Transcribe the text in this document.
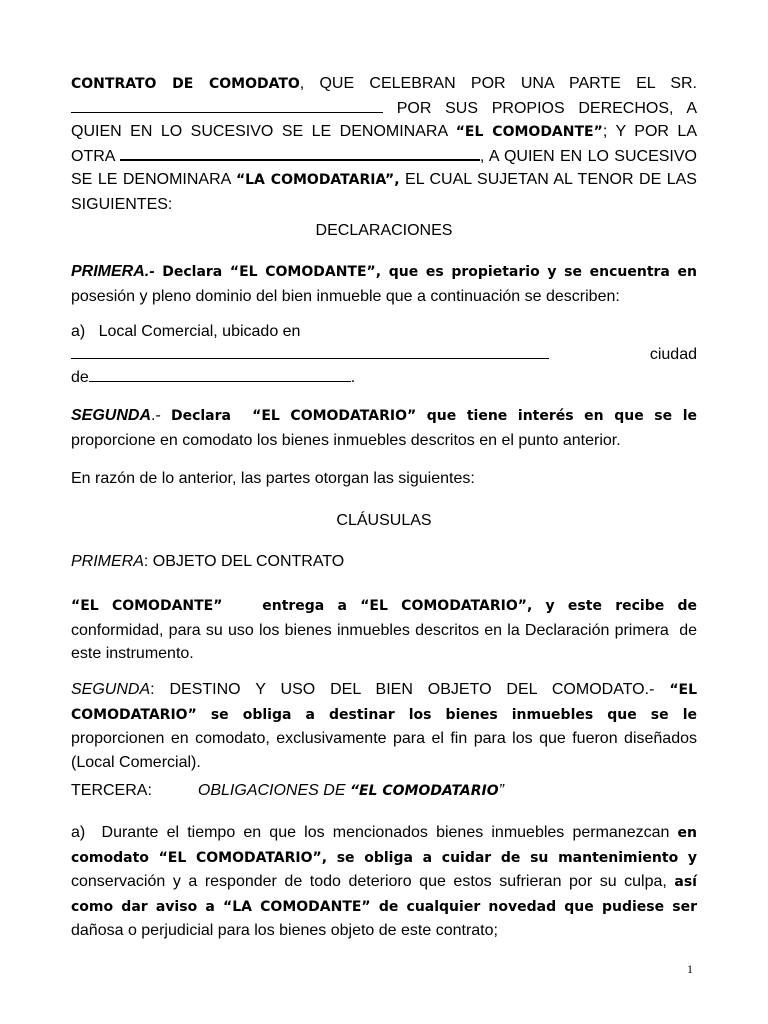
CONTRATO DE COMODATO, QUE CELEBRAN POR UNA PARTE EL SR.  POR SUS PROPIOS DERECHOS, A QUIEN EN LO SUCESIVO SE LE DENOMINARA “EL COMODANTE”; Y POR LA OTRA	, A QUIEN EN LO SUCESIVO SE LE DENOMINARA “LA COMODATARIA”, EL CUAL SUJETAN AL TENOR DE LAS SIGUIENTES:

DECLARACIONES

PRIMERA.- Declara “EL COMODANTE”, que es propietario y se encuentra en posesión y pleno dominio del bien inmueble que a continuación se describen:

a)   Local Comercial, ubicado en

ciudad

de	.

SEGUNDA.- Declara  “EL COMODATARIO” que tiene interés en que se le proporcione en comodato los bienes inmuebles descritos en el punto anterior.

En razón de lo anterior, las partes otorgan las siguientes:

CLÁUSULAS

PRIMERA: OBJETO DEL CONTRATO

“EL COMODANTE”   entrega a “EL COMODATARIO”, y este recibe de conformidad, para su uso los bienes inmuebles descritos en la Declaración primera  de este instrumento.

SEGUNDA: DESTINO Y USO DEL BIEN OBJETO DEL COMODATO.- “EL COMODATARIO” se obliga a destinar los bienes inmuebles que se le proporcionen en comodato, exclusivamente para el fin para los que fueron diseñados (Local Comercial).

TERCERA:	OBLIGACIONES DE “EL COMODATARIO”

a)  Durante el tiempo en que los mencionados bienes inmuebles permanezcan en comodato “EL COMODATARIO”, se obliga a cuidar de su mantenimiento y conservación y a responder de todo deterioro que estos sufrieran por su culpa, así como dar aviso a “LA COMODANTE” de cualquier novedad que pudiese ser dañosa o perjudicial para los bienes objeto de este contrato;

1
